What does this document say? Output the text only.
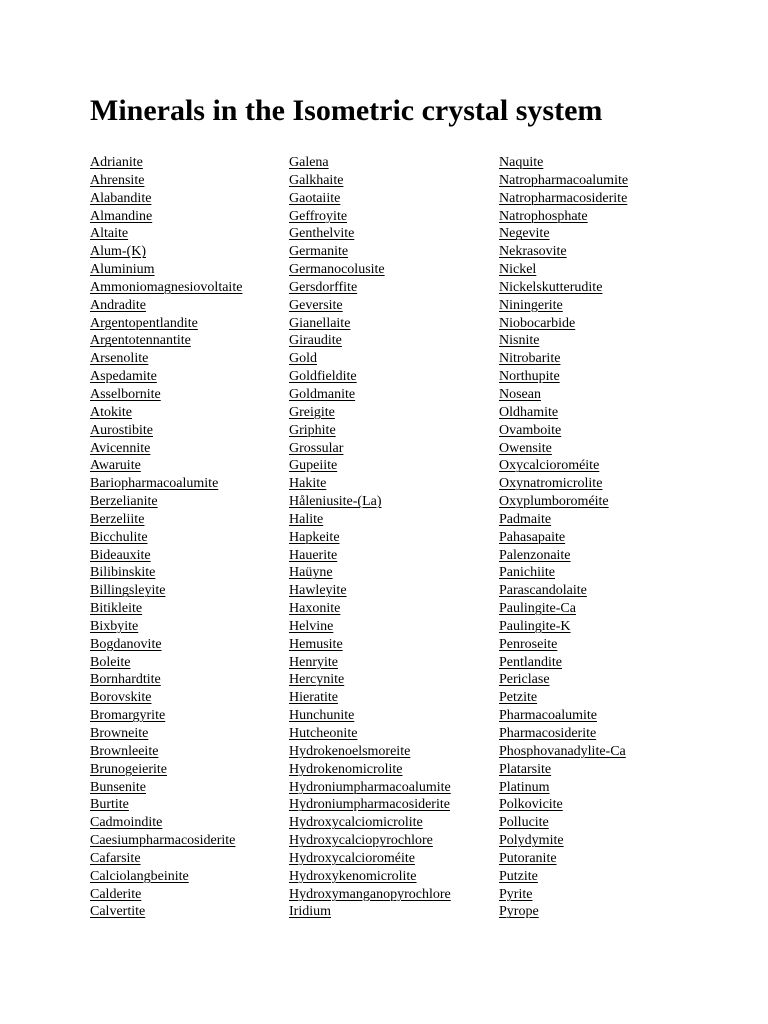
Minerals in the Isometric crystal system
Adrianite
Ahrensite
Alabandite
Almandine
Altaite
Alum-(K)
Aluminium
Ammoniomagnesiovoltaite
Andradite
Argentopentlandite
Argentotennantite
Arsenolite
Aspedamite
Asselbornite
Atokite
Aurostibite
Avicennite
Awaruite
Bariopharmacoalumite
Berzelianite
Berzeliite
Bicchulite
Bideauxite
Bilibinskite
Billingsleyite
Bitikleite
Bixbyite
Bogdanovite
Boleite
Bornhardtite
Borovskite
Bromargyrite
Browneite
Brownleeite
Brunogeierite
Bunsenite
Burtite
Cadmoindite
Caesiumpharmacosiderite
Cafarsite
Calciolangbeinite
Calderite
Calvertite
Galena
Galkhaite
Gaotaiite
Geffroyite
Genthelvite
Germanite
Germanocolusite
Gersdorffite
Geversite
Gianellaite
Giraudite
Gold
Goldfieldite
Goldmanite
Greigite
Griphite
Grossular
Gupeiite
Hakite
Håleniusite-(La)
Halite
Hapkeite
Hauerite
Haüyne
Hawleyite
Haxonite
Helvine
Hemusite
Henryite
Hercynite
Hieratite
Hunchunite
Hutcheonite
Hydrokenoelsmoreite
Hydrokenomicrolite
Hydroniumpharmacoalumite
Hydroniumpharmacosiderite
Hydroxycalciomicrolite
Hydroxycalciopyrochlore
Hydroxycalcioroméite
Hydroxykenomicrolite
Hydroxymanganopyrochlore
Iridium
Naquite
Natropharmacoalumite
Natropharmacosiderite
Natrophosphate
Negevite
Nekrasovite
Nickel
Nickelskutterudite
Niningerite
Niobocarbide
Nisnite
Nitrobarite
Northupite
Nosean
Oldhamite
Ovamboite
Owensite
Oxycalcioroméite
Oxynatromicrolite
Oxyplumboroméite
Padmaite
Pahasapaite
Palenzonaite
Panichiite
Parascandolaite
Paulingite-Ca
Paulingite-K
Penroseite
Pentlandite
Periclase
Petzite
Pharmacoalumite
Pharmacosiderite
Phosphovanadylite-Ca
Platarsite
Platinum
Polkovicite
Pollucite
Polydymite
Putoranite
Putzite
Pyrite
Pyrope
